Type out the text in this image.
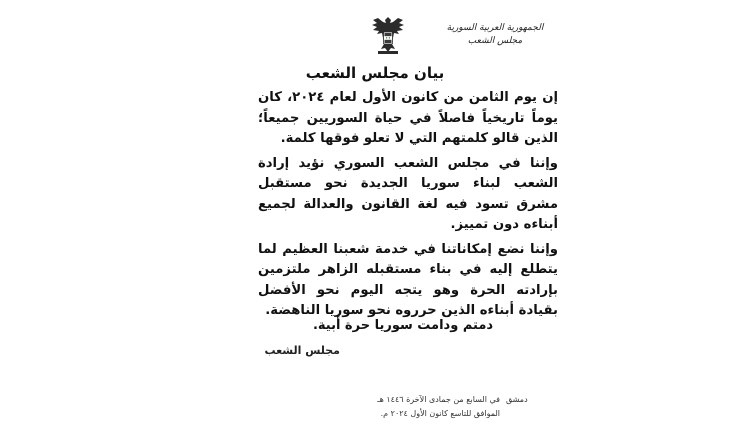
الجمهورية العربية السورية
مجلس الشعب
بيان مجلس الشعب

إن يوم الثامن من كانون الأول لعام ٢٠٢٤، كان يوماً تاريخياً فاصلاً في حياة السوريين جميعاً؛ الذين قالو كلمتهم التي لا تعلو فوقها كلمة.

وإننا في مجلس الشعب السوري نؤيد إرادة الشعب لبناء سوريا الجديدة نحو مستقبل مشرق تسود فيه لغة القانون والعدالة لجميع أبناءه دون تمييز.

وإننا نضع إمكاناتنا في خدمة شعبنا العظيم لما يتطلع إليه في بناء مستقبله الزاهر ملتزمين بإرادته الحرة وهو يتجه اليوم نحو الأفضل بقيادة أبناءه الذين حرروه نحو سوريا الناهضة.

دمتم ودامت سوريا حرة أبية.
مجلس الشعب
دمشق
في السابع من جمادى الآخرة ١٤٤٦ هـ
الموافق للتاسع كانون الأول ٢٠٢٤ م.
